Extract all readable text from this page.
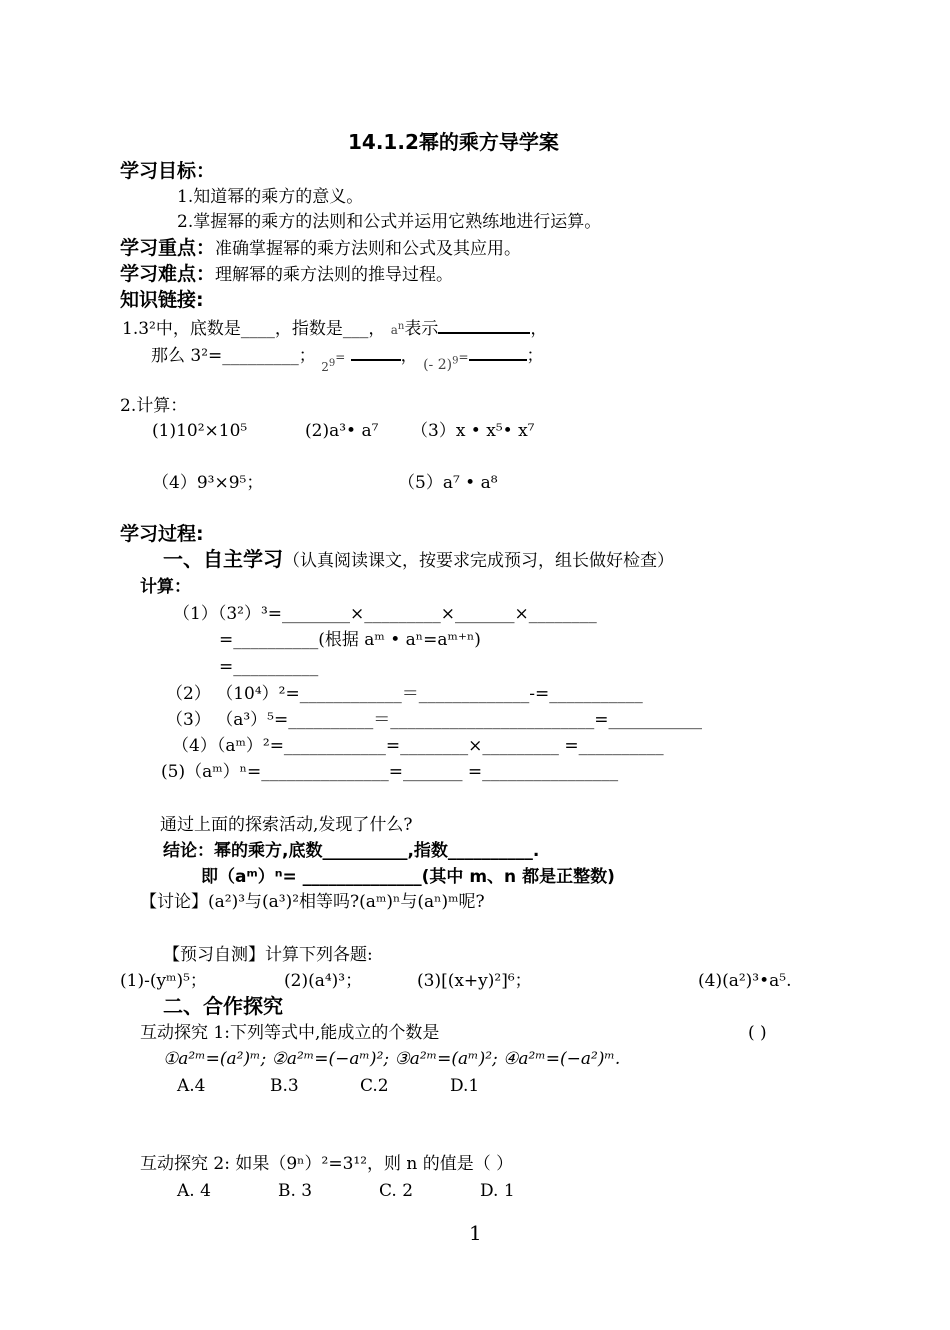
14.1.2幂的乘方导学案
学习目标：
1.知道幂的乘方的意义。
2.掌握幂的乘方的法则和公式并运用它熟练地进行运算。
学习重点：准确掌握幂的乘方法则和公式及其应用。
学习难点：理解幂的乘方法则的推导过程。
知识链接:
1.3²中，底数是____，指数是___， $a^n$表示	，
那么 3²=_________； $_{2^9}$=	， $_{(- 2)^9}$=	；
2.计算：
(1)10²×10⁵	(2)a³• a⁷ （3）x • x⁵• x⁷
（4）9³×9⁵；	（5）a⁷ • a⁸
学习过程:
一、自主学习（认真阅读课文，按要求完成预习，组长做好检查）
计算：
（1）（3²）³=________×_________×_______×________
=__________(根据 aᵐ • aⁿ=aᵐ⁺ⁿ)
=__________
（2） （10⁴）²=____________＝_____________-=___________
（3） （a³）⁵=__________＝________________________=___________
（4）（aᵐ）²=____________=________×_________ =__________
(5)（aᵐ）ⁿ=_______________=_______ =________________
通过上面的探索活动,发现了什么?
结论：幂的乘方,底数__________,指数__________.
即（aᵐ）ⁿ= ______________(其中 m、n 都是正整数)
【讨论】(a²)³与(a³)²相等吗?(aᵐ)ⁿ与(aⁿ)ᵐ呢?
【预习自测】计算下列各题:
(1)-(yᵐ)⁵；	(2)(a⁴)³；	(3)[(x+y)²]⁶；	(4)(a²)³•a⁵.
二、合作探究
互动探究 1:下列等式中,能成立的个数是	( )
①a²ᵐ=(a²)ᵐ; ②a²ᵐ=(−aᵐ)²; ③a²ᵐ=(aᵐ)²; ④a²ᵐ=(−a²)ᵐ.
A.4	B.3	C.2	D.1
互动探究 2: 如果（9ⁿ）²=3¹²，则 n 的值是（ ）
A. 4	B. 3	C. 2	D. 1
1
